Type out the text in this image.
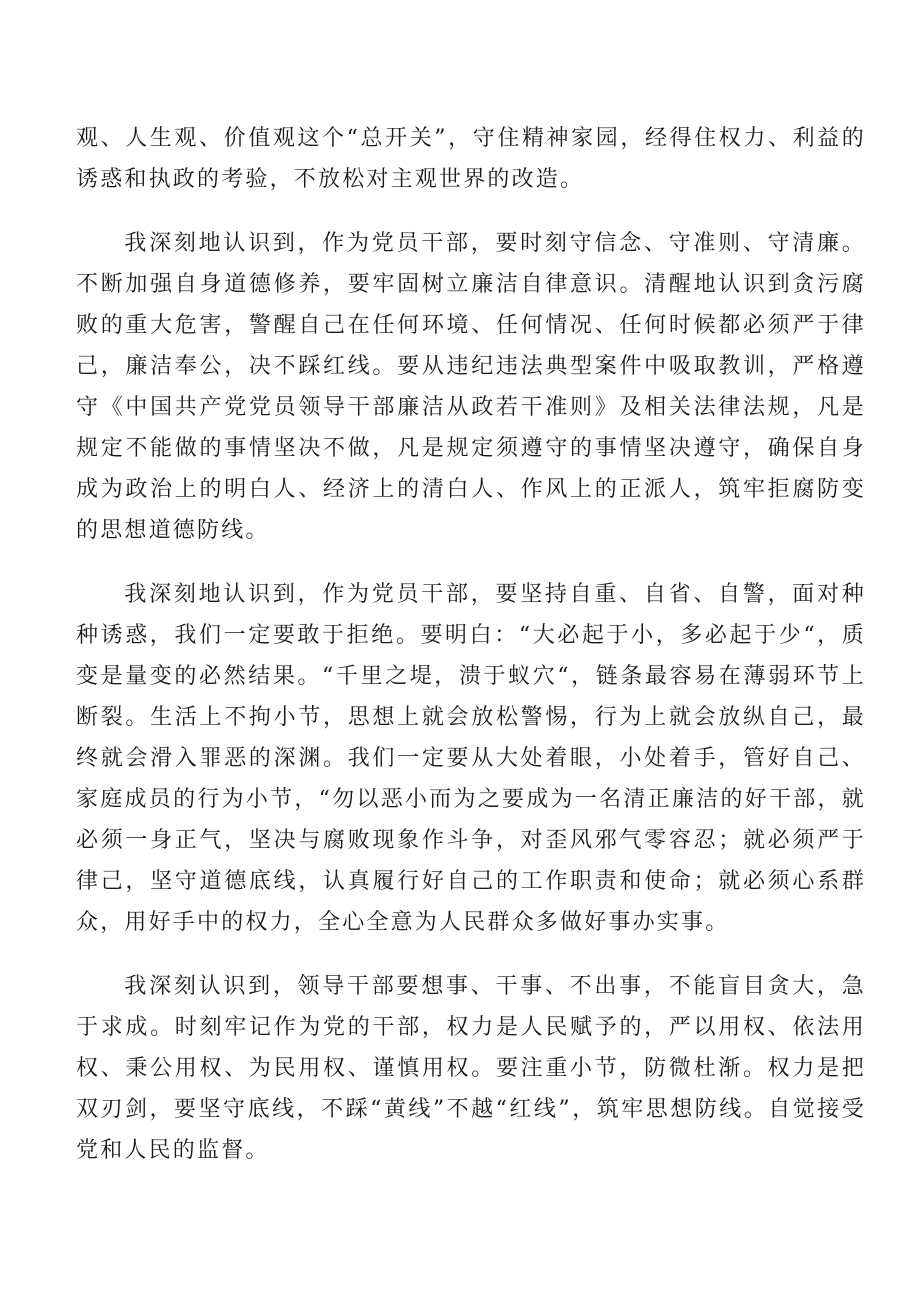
观、人生观、价值观这个“总开关”，守住精神家园，经得住权力、利益的诱惑和执政的考验，不放松对主观世界的改造。

我深刻地认识到，作为党员干部，要时刻守信念、守准则、守清廉。不断加强自身道德修养，要牢固树立廉洁自律意识。清醒地认识到贪污腐败的重大危害，警醒自己在任何环境、任何情况、任何时候都必须严于律己，廉洁奉公，决不踩红线。要从违纪违法典型案件中吸取教训，严格遵守《中国共产党党员领导干部廉洁从政若干准则》及相关法律法规，凡是规定不能做的事情坚决不做，凡是规定须遵守的事情坚决遵守，确保自身成为政治上的明白人、经济上的清白人、作风上的正派人，筑牢拒腐防变的思想道德防线。

我深刻地认识到，作为党员干部，要坚持自重、自省、自警，面对种种诱惑，我们一定要敢于拒绝。要明白：“大必起于小，多必起于少“，质变是量变的必然结果。“千里之堤，溃于蚁穴“，链条最容易在薄弱环节上断裂。生活上不拘小节，思想上就会放松警惕，行为上就会放纵自己，最终就会滑入罪恶的深渊。我们一定要从大处着眼，小处着手，管好自己、家庭成员的行为小节，“勿以恶小而为之要成为一名清正廉洁的好干部，就必须一身正气，坚决与腐败现象作斗争，对歪风邪气零容忍；就必须严于律己，坚守道德底线，认真履行好自己的工作职责和使命；就必须心系群众，用好手中的权力，全心全意为人民群众多做好事办实事。

我深刻认识到，领导干部要想事、干事、不出事，不能盲目贪大，急于求成。时刻牢记作为党的干部，权力是人民赋予的，严以用权、依法用权、秉公用权、为民用权、谨慎用权。要注重小节，防微杜渐。权力是把双刃剑，要坚守底线，不踩“黄线”不越“红线”，筑牢思想防线。自觉接受党和人民的监督。
